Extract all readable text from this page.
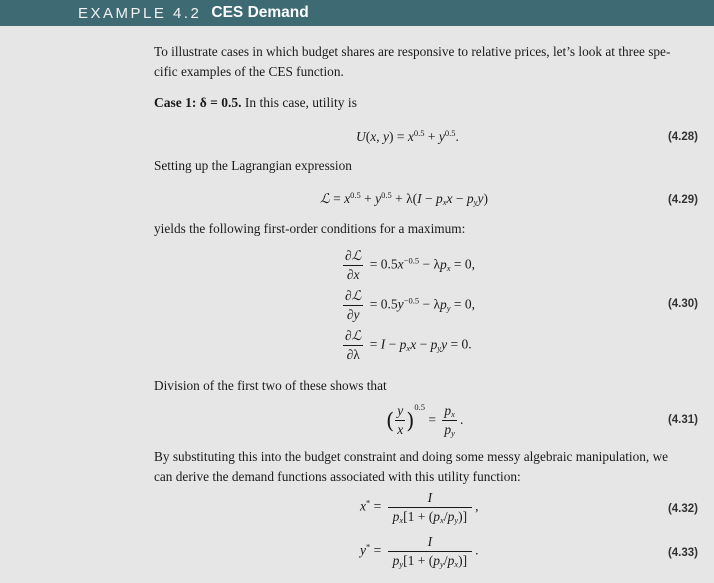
EXAMPLE 4.2 CES Demand

To illustrate cases in which budget shares are responsive to relative prices, let’s look at three spe-
cific examples of the CES function.

Case 1: δ = 0.5. In this case, utility is

U(x, $y) = x^{0.5} + y^{0.5}$.	(4.28)

Setting up the Lagrangian expression

ℒ = $x^{0.5} + y^{0.5} + \lambda(I - p_xx - p_yy)$	(4.29)

yields the following first-order conditions for a maximum:

$\frac{\text{∂ℒ}}{\partial x} = 0.5x^{-0.5} - \lambda p_x = 0$,
$\frac{\text{∂ℒ}}{\partial y} = 0.5y^{-0.5} - \lambda p_y = 0$,
$\frac{\text{∂ℒ}}{\partial\lambda} = I - p_xx - p_yy = 0$.
(4.30)

Division of the first two of these shows that

( $\frac{y}{x} )^{0.5} = \frac{p_x}{p_y}$ .	(4.31)

By substituting this into the budget constraint and doing some messy algebraic manipulation, we
can derive the demand functions associated with this utility function:

$x^* = \frac{I}{p_x[1 + (p_x/p_y)]}$ ,	(4.32)
$y^* = \frac{I}{p_y[1 + (p_y/p_x)]}$ .	(4.33)
